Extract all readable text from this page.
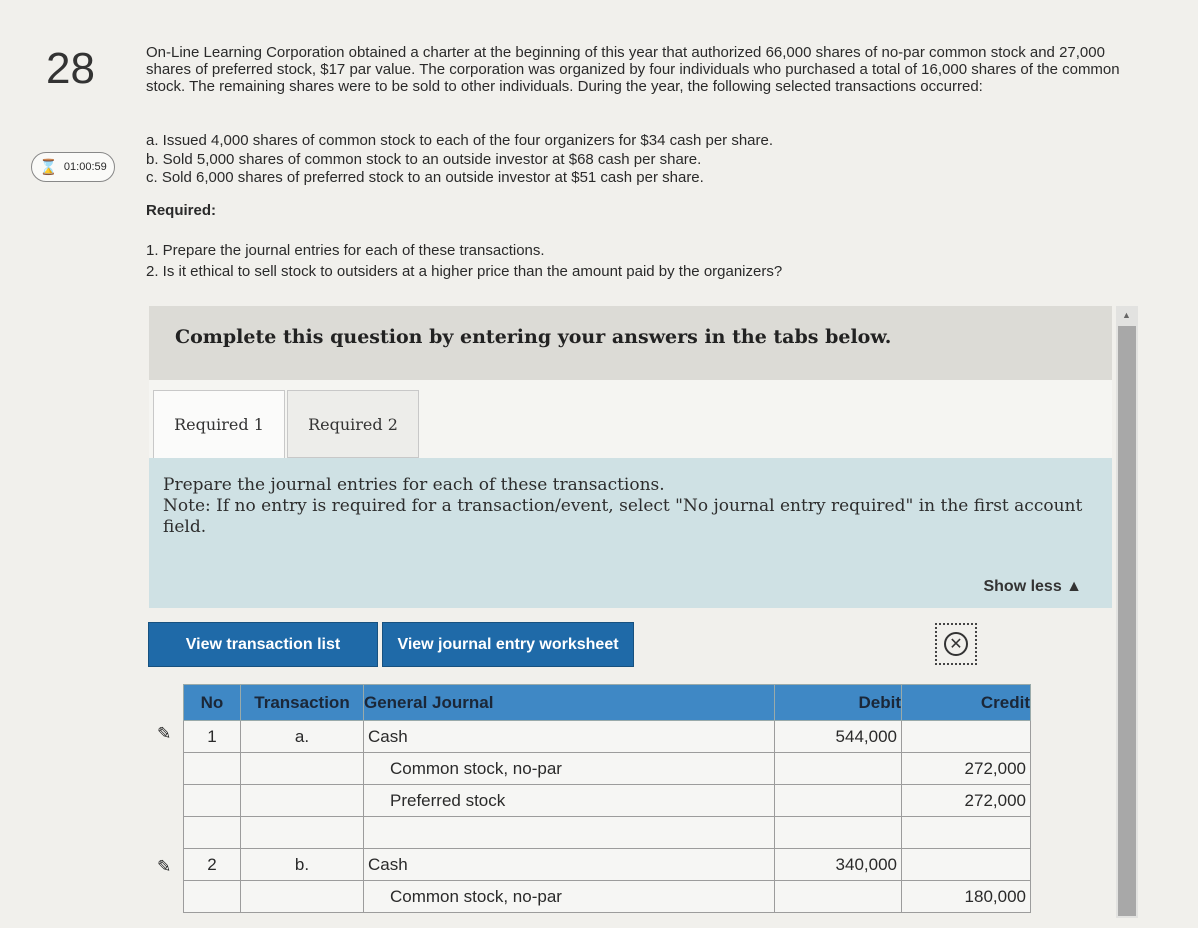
28
⌛ 01:00:59

On-Line Learning Corporation obtained a charter at the beginning of this year that authorized 66,000 shares of no-par common stock and 27,000 shares of preferred stock, $17 par value. The corporation was organized by four individuals who purchased a total of 16,000 shares of the common stock. The remaining shares were to be sold to other individuals. During the year, the following selected transactions occurred:

a. Issued 4,000 shares of common stock to each of the four organizers for $34 cash per share.
b. Sold 5,000 shares of common stock to an outside investor at $68 cash per share.
c. Sold 6,000 shares of preferred stock to an outside investor at $51 cash per share.
Required:
1. Prepare the journal entries for each of these transactions.
2. Is it ethical to sell stock to outsiders at a higher price than the amount paid by the organizers?
Complete this question by entering your answers in the tabs below.
Required 1	Required 2

Prepare the journal entries for each of these transactions.

Note: If no entry is required for a transaction/event, select "No journal entry required" in the first account field.

Show less ▲
View transaction list	View journal entry worksheet	✕
✎
✎
No	Transaction	General Journal	Debit	Credit
1	a.	Cash	544,000	
		Common stock, no-par		272,000
		Preferred stock		272,000

2	b.	Cash	340,000	
		Common stock, no-par		180,000
▲
